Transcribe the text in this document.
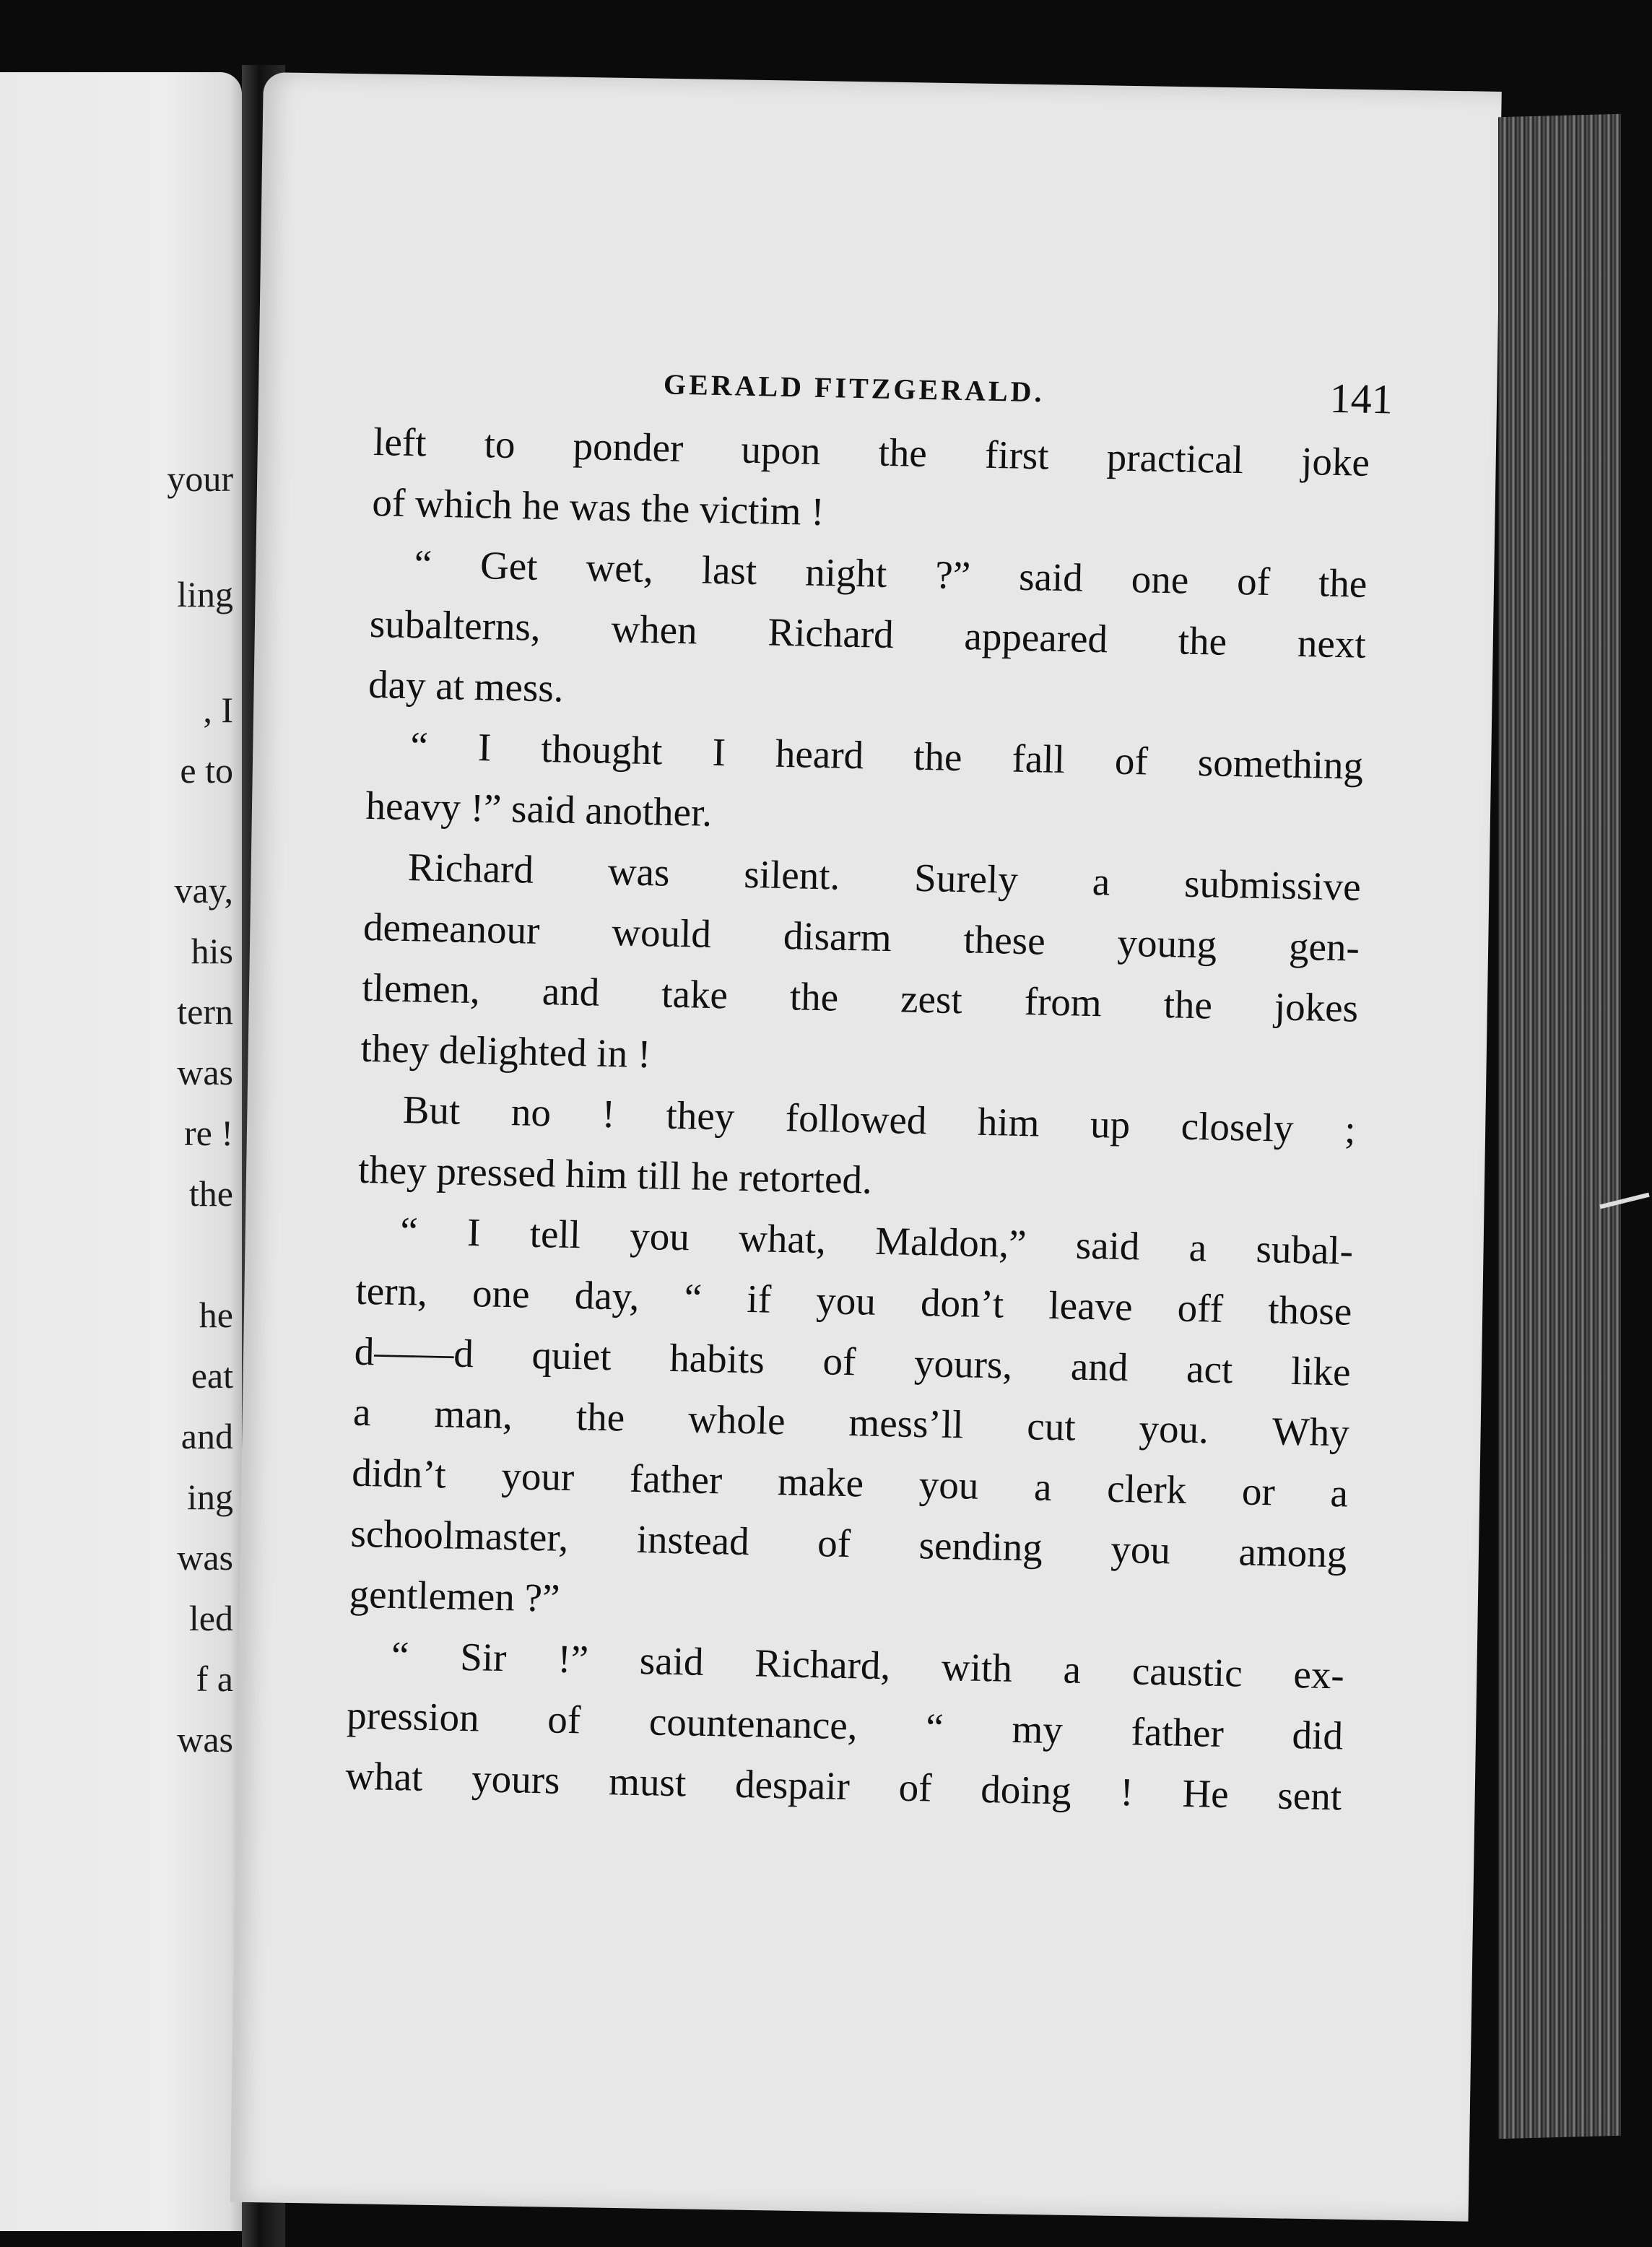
your
ling
, I
e to
vay,
his
tern
was
re !
the
he
eat
and
ing
was
led
f a
was
GERALD FITZGERALD.	141
left to ponder upon the first practical joke
of which he was the victim !
“ Get wet, last night ?” said one of the
subalterns, when Richard appeared the next
day at mess.
“ I thought I heard the fall of something
heavy !” said another.
Richard was silent. Surely a submissive
demeanour would disarm these young gen-
tlemen, and take the zest from the jokes
they delighted in !
But no ! they followed him up closely ;
they pressed him till he retorted.
“ I tell you what, Maldon,” said a subal-
tern, one day, “ if you don’t leave off those
d——d quiet habits of yours, and act like
a man, the whole mess’ll cut you. Why
didn’t your father make you a clerk or a
schoolmaster, instead of sending you among
gentlemen ?”
“ Sir !” said Richard, with a caustic ex-
pression of countenance, “ my father did
what yours must despair of doing ! He sent
